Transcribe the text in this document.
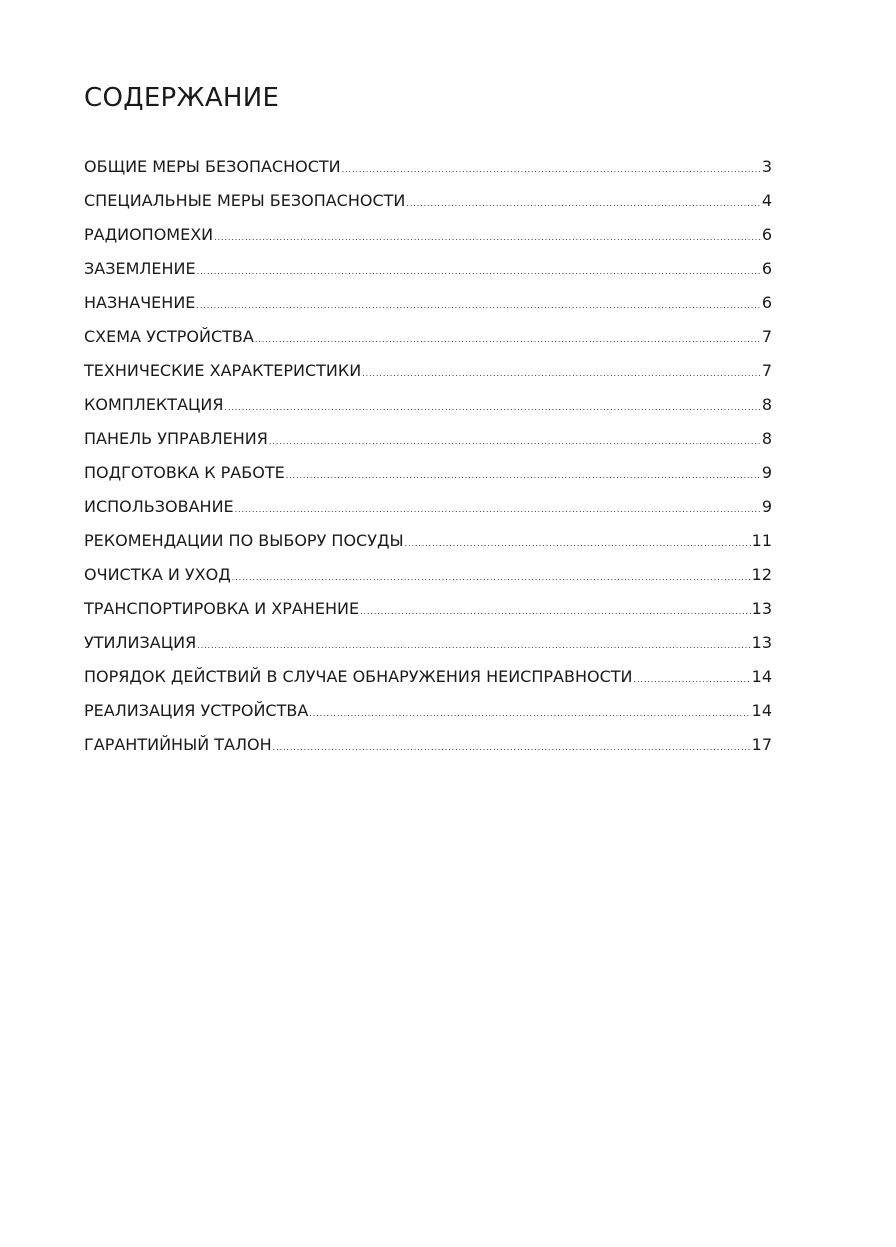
СОДЕРЖАНИЕ
ОБЩИЕ МЕРЫ БЕЗОПАСНОСТИ .....	3
СПЕЦИАЛЬНЫЕ МЕРЫ БЕЗОПАСНОСТИ .....	4
РАДИОПОМЕХИ .....	6
ЗАЗЕМЛЕНИЕ .....	6
НАЗНАЧЕНИЕ .....	6
СХЕМА УСТРОЙСТВА .....	7
ТЕХНИЧЕСКИЕ ХАРАКТЕРИСТИКИ .....	7
КОМПЛЕКТАЦИЯ .....	8
ПАНЕЛЬ УПРАВЛЕНИЯ .....	8
ПОДГОТОВКА К РАБОТЕ .....	9
ИСПОЛЬЗОВАНИЕ .....	9
РЕКОМЕНДАЦИИ ПО ВЫБОРУ ПОСУДЫ .....	11
ОЧИСТКА И УХОД .....	12
ТРАНСПОРТИРОВКА И ХРАНЕНИЕ .....	13
УТИЛИЗАЦИЯ .....	13
ПОРЯДОК ДЕЙСТВИЙ В СЛУЧАЕ ОБНАРУЖЕНИЯ НЕИСПРАВНОСТИ .....	14
РЕАЛИЗАЦИЯ УСТРОЙСТВА .....	14
ГАРАНТИЙНЫЙ ТАЛОН .....	17
